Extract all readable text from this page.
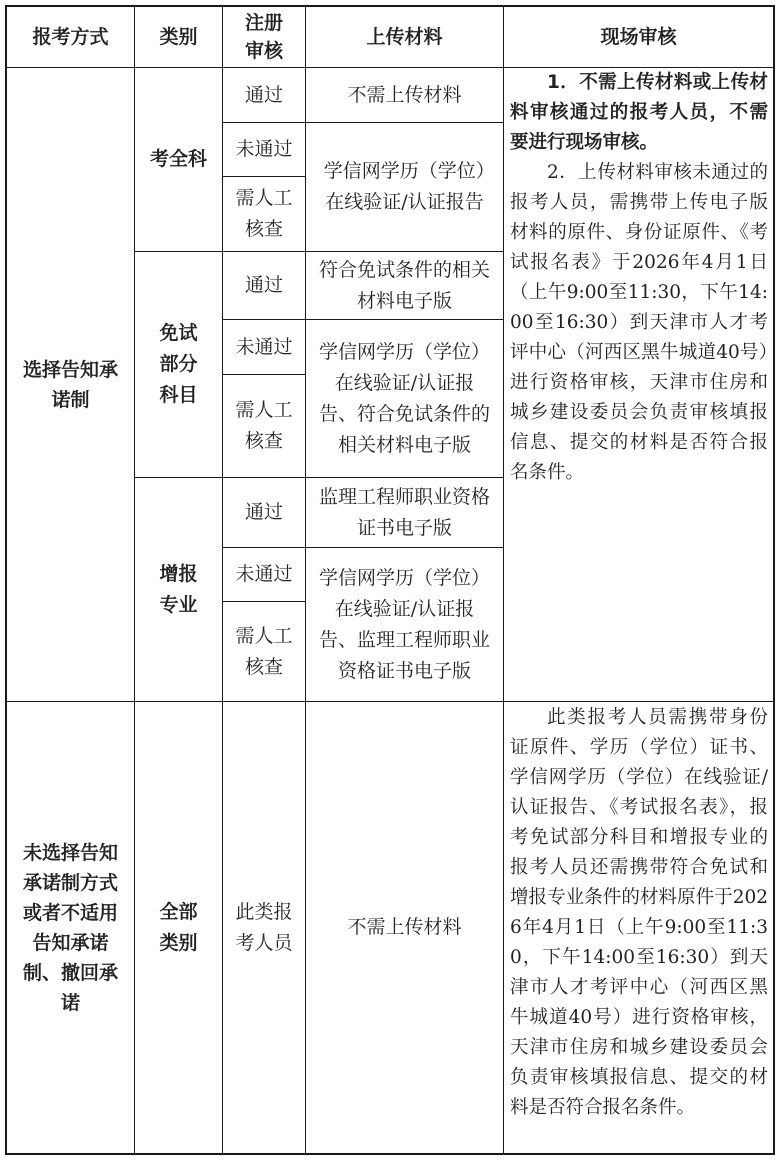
报考方式	类别
注册审核
上传材料	现场审核
选择告知承诺制
考全科
通过
未通过
需人工核查
不需上传材料
学信网学历（学位）在线验证/认证报告
免试部分科目
通过
未通过
需人工核查
符合免试条件的相关材料电子版
学信网学历（学位）在线验证/认证报告、符合免试条件的相关材料电子版
增报专业
通过
未通过
需人工核查
监理工程师职业资格证书电子版
学信网学历（学位）在线验证/认证报告、监理工程师职业资格证书电子版

1．不需上传材料或上传材料审核通过的报考人员，不需要进行现场审核。

2．上传材料审核未通过的报考人员，需携带上传电子版材料的原件、身份证原件、《考试报名表》于2026年4月1日（上午9:00至11:30，下午14:00至16:30）到天津市人才考评中心（河西区黑牛城道40号）进行资格审核，天津市住房和城乡建设委员会负责审核填报信息、提交的材料是否符合报名条件。

未选择告知承诺制方式或者不适用告知承诺制、撤回承诺
全部类别
此类报考人员
不需上传材料

此类报考人员需携带身份证原件、学历（学位）证书、学信网学历（学位）在线验证/认证报告、《考试报名表》，报考免试部分科目和增报专业的报考人员还需携带符合免试和增报专业条件的材料原件于2026年4月1日（上午9:00至11:30，下午14:00至16:30）到天津市人才考评中心（河西区黑牛城道40号）进行资格审核，天津市住房和城乡建设委员会负责审核填报信息、提交的材料是否符合报名条件。
